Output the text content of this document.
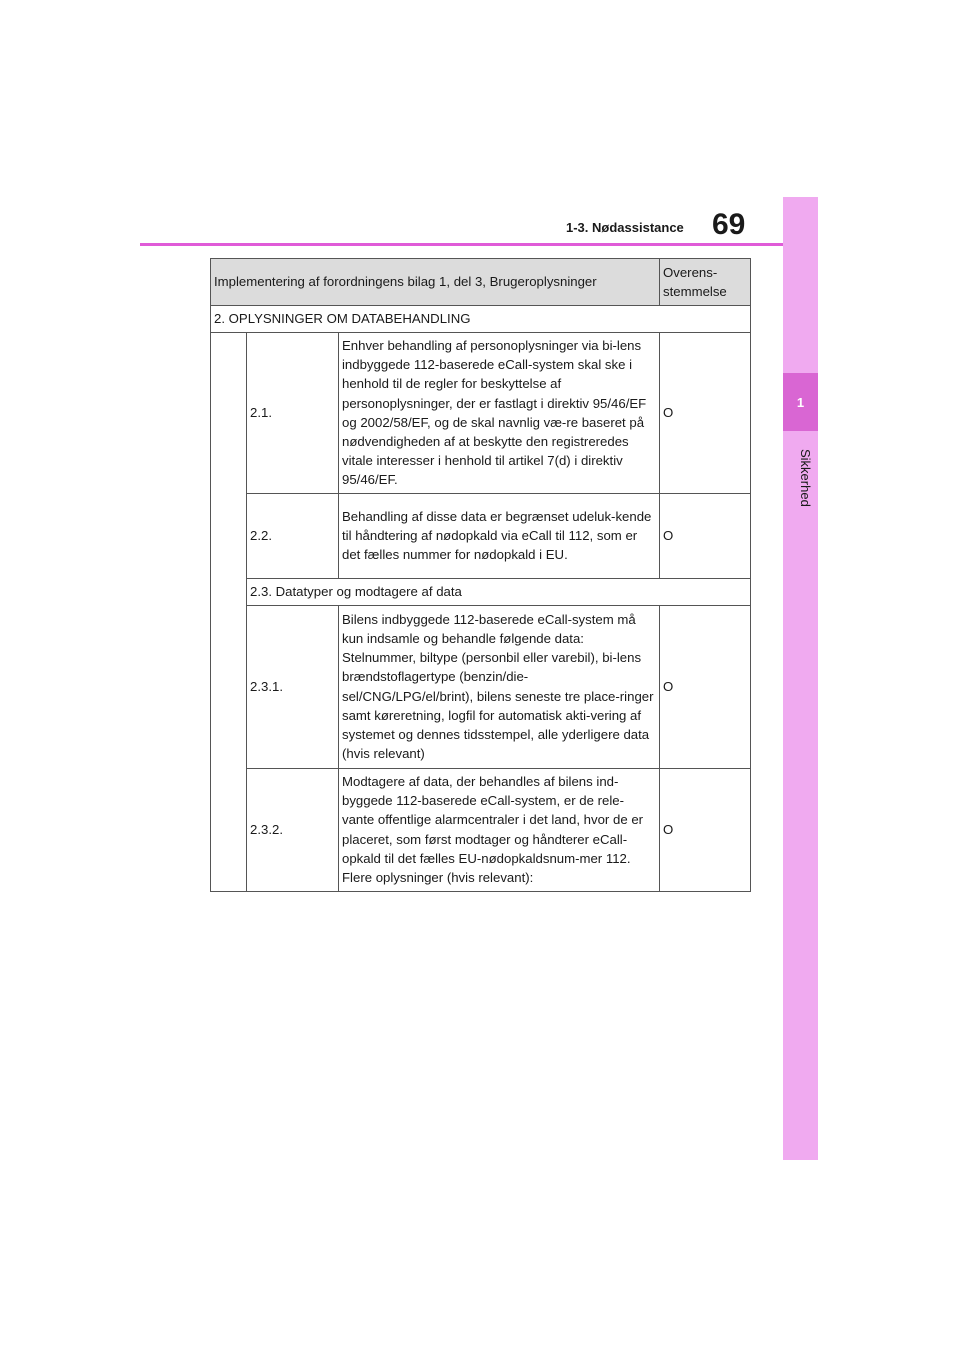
1-3. Nødassistance 69
1
Sikkerhed
Implementering af forordningens bilag 1, del 3, Brugeroplysninger			Overens-stemmelse
2. OPLYSNINGER OM DATABEHANDLING			
	2.1.	Enhver behandling af personoplysninger via bi-lens indbyggede 112-baserede eCall-system skal ske i henhold til de regler for beskyttelse af personoplysninger, der er fastlagt i direktiv 95/46/EF og 2002/58/EF, og de skal navnlig væ-re baseret på nødvendigheden af at beskytte den registreredes vitale interesser i henhold til artikel 7(d) i direktiv 95/46/EF.	O
	2.2.	Behandling af disse data er begrænset udeluk-kende til håndtering af nødopkald via eCall til 112, som er det fælles nummer for nødopkald i EU.	O
	2.3. Datatyper og modtagere af data		
	2.3.1.	Bilens indbyggede 112-baserede eCall-system må kun indsamle og behandle følgende data: Stelnummer, biltype (personbil eller varebil), bi-lens brændstoflagertype (benzin/die-sel/CNG/LPG/el/brint), bilens seneste tre place-ringer samt køreretning, logfil for automatisk akti-vering af systemet og dennes tidsstempel, alle yderligere data (hvis relevant)	O
	2.3.2.	Modtagere af data, der behandles af bilens ind-byggede 112-baserede eCall-system, er de rele-vante offentlige alarmcentraler i det land, hvor de er placeret, som først modtager og håndterer eCall-opkald til det fælles EU-nødopkaldsnum-mer 112. Flere oplysninger (hvis relevant):	O
